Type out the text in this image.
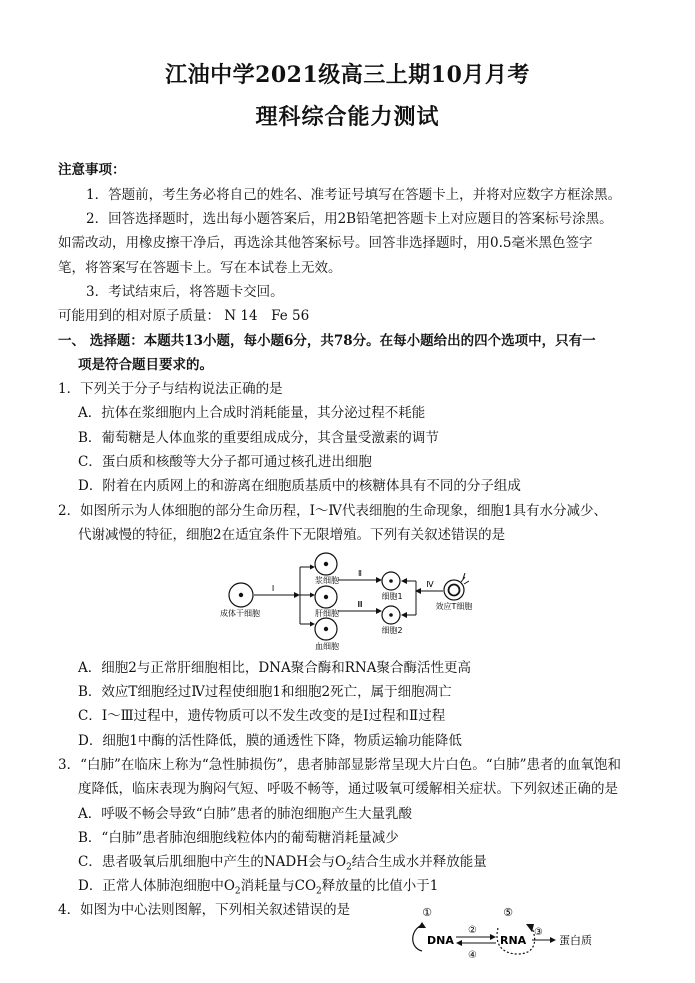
江油中学2021级高三上期10月月考
理科综合能力测试
注意事项：
1．答题前，考生务必将自己的姓名、准考证号填写在答题卡上，并将对应数字方框涂黑。
2．回答选择题时，选出每小题答案后，用2B铅笔把答题卡上对应题目的答案标号涂黑。
如需改动，用橡皮擦干净后，再选涂其他答案标号。回答非选择题时，用0.5毫米黑色签字
笔，将答案写在答题卡上。写在本试卷上无效。
3．考试结束后，将答题卡交回。
可能用到的相对原子质量： N 14　Fe 56
一、 选择题：本题共13小题，每小题6分，共78分。在每小题给出的四个选项中，只有一
项是符合题目要求的。
1．下列关于分子与结构说法正确的是
A．抗体在浆细胞内上合成时消耗能量，其分泌过程不耗能
B．葡萄糖是人体血浆的重要组成成分，其含量受激素的调节
C．蛋白质和核酸等大分子都可通过核孔进出细胞
D．附着在内质网上的和游离在细胞质基质中的核糖体具有不同的分子组成
2．如图所示为人体细胞的部分生命历程，Ⅰ～Ⅳ代表细胞的生命现象，细胞1具有水分减少、
代谢减慢的特征，细胞2在适宜条件下无限增殖。下列有关叙述错误的是
成体干细胞
Ⅰ
浆细胞
肝细胞
血细胞
Ⅱ
Ⅲ
细胞1
细胞2
Ⅳ
效应T细胞
A．细胞2与正常肝细胞相比，DNA聚合酶和RNA聚合酶活性更高
B．效应T细胞经过Ⅳ过程使细胞1和细胞2死亡，属于细胞凋亡
C．Ⅰ～Ⅲ过程中，遗传物质可以不发生改变的是Ⅰ过程和Ⅱ过程
D．细胞1中酶的活性降低，膜的通透性下降，物质运输功能降低
3．“白肺”在临床上称为“急性肺损伤”，患者肺部显影常呈现大片白色。“白肺”患者的血氧饱和
度降低，临床表现为胸闷气短、呼吸不畅等，通过吸氧可缓解相关症状。下列叙述正确的是
A．呼吸不畅会导致“白肺”患者的肺泡细胞产生大量乳酸
B．“白肺”患者肺泡细胞线粒体内的葡萄糖消耗量减少
C．患者吸氧后肌细胞中产生的NADH会与$O_2$结合生成水并释放能量
D．正常人体肺泡细胞中$O_2$消耗量与$CO_2$释放量的比值小于1
4．如图为中心法则图解，下列相关叙述错误的是	①
DNA
②
④
⑤
RNA
③
蛋白质
